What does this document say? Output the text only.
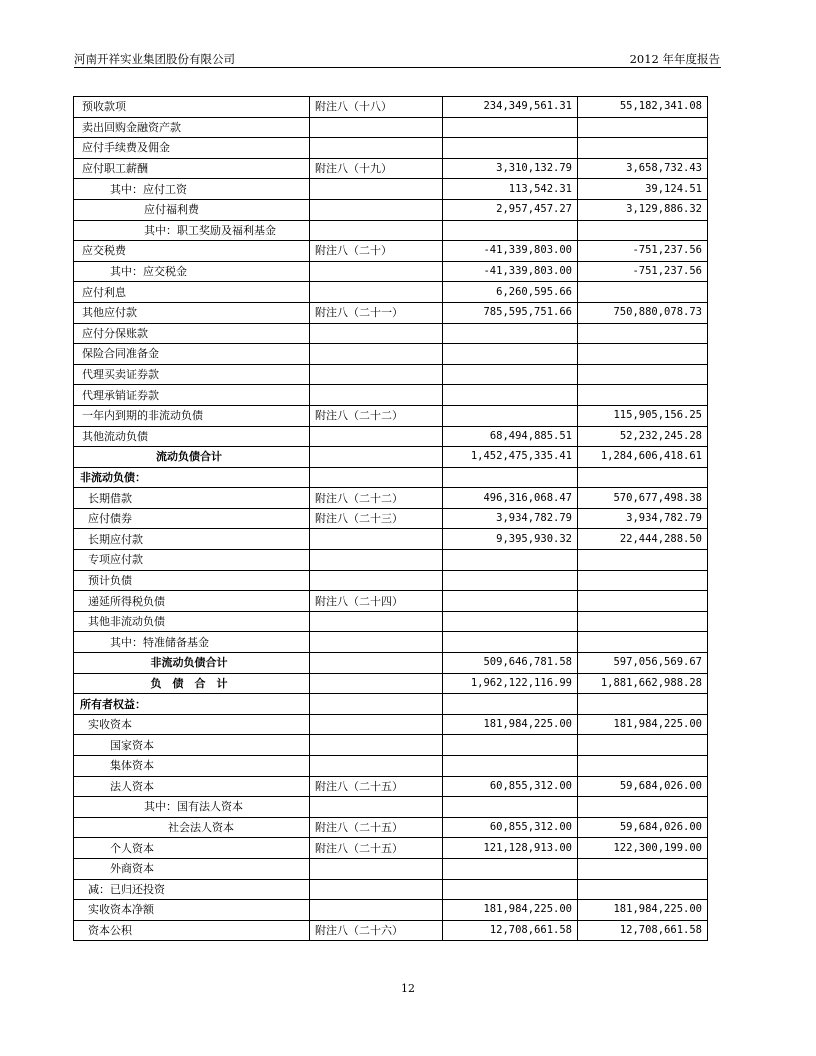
河南开祥实业集团股份有限公司	2012 年年度报告
预收款项	附注八（十八）	234,349,561.31	55,182,341.08
卖出回购金融资产款			
应付手续费及佣金			
应付职工薪酬	附注八（十九）	3,310,132.79	3,658,732.43
其中：应付工资		113,542.31	39,124.51
应付福利费		2,957,457.27	3,129,886.32
其中：职工奖励及福利基金			
应交税费	附注八（二十）	-41,339,803.00	-751,237.56
其中：应交税金		-41,339,803.00	-751,237.56
应付利息		6,260,595.66	
其他应付款	附注八（二十一）	785,595,751.66	750,880,078.73
应付分保账款			
保险合同准备金			
代理买卖证券款			
代理承销证券款			
一年内到期的非流动负债	附注八（二十二）		115,905,156.25
其他流动负债		68,494,885.51	52,232,245.28
流动负债合计		1,452,475,335.41	1,284,606,418.61
非流动负债：			
长期借款	附注八（二十二）	496,316,068.47	570,677,498.38
应付债券	附注八（二十三）	3,934,782.79	3,934,782.79
长期应付款		9,395,930.32	22,444,288.50
专项应付款			
预计负债			
递延所得税负债	附注八（二十四）		
其他非流动负债			
其中：特准储备基金			
非流动负债合计		509,646,781.58	597,056,569.67
负　债　合　计		1,962,122,116.99	1,881,662,988.28
所有者权益：			
实收资本		181,984,225.00	181,984,225.00
国家资本			
集体资本			
法人资本	附注八（二十五）	60,855,312.00	59,684,026.00
其中：国有法人资本			
社会法人资本	附注八（二十五）	60,855,312.00	59,684,026.00
个人资本	附注八（二十五）	121,128,913.00	122,300,199.00
外商资本			
减：已归还投资			
实收资本净额		181,984,225.00	181,984,225.00
资本公积	附注八（二十六）	12,708,661.58	12,708,661.58
12
